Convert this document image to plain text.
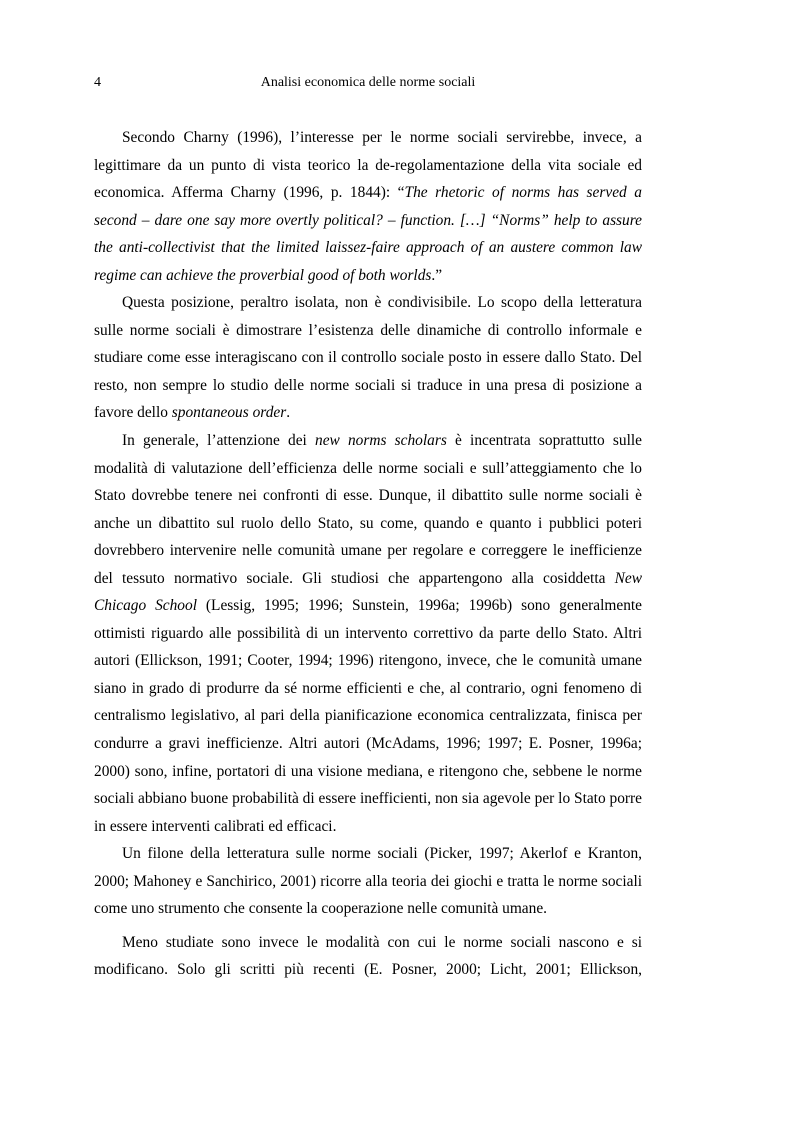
4	Analisi economica delle norme sociali

Secondo Charny (1996), l’interesse per le norme sociali servirebbe, invece, a legittimare da un punto di vista teorico la de-regolamentazione della vita sociale ed economica. Afferma Charny (1996, p. 1844): “The rhetoric of norms has served a second – dare one say more overtly political? – function. […] “Norms” help to assure the anti-collectivist that the limited laissez-faire approach of an austere common law regime can achieve the proverbial good of both worlds.”

Questa posizione, peraltro isolata, non è condivisibile. Lo scopo della letteratura sulle norme sociali è dimostrare l’esistenza delle dinamiche di controllo informale e studiare come esse interagiscano con il controllo sociale posto in essere dallo Stato. Del resto, non sempre lo studio delle norme sociali si traduce in una presa di posizione a favore dello spontaneous order.

In generale, l’attenzione dei new norms scholars è incentrata soprattutto sulle modalità di valutazione dell’efficienza delle norme sociali e sull’atteggiamento che lo Stato dovrebbe tenere nei confronti di esse. Dunque, il dibattito sulle norme sociali è anche un dibattito sul ruolo dello Stato, su come, quando e quanto i pubblici poteri dovrebbero intervenire nelle comunità umane per regolare e correggere le inefficienze del tessuto normativo sociale. Gli studiosi che appartengono alla cosiddetta New Chicago School (Lessig, 1995; 1996; Sunstein, 1996a; 1996b) sono generalmente ottimisti riguardo alle possibilità di un intervento correttivo da parte dello Stato. Altri autori (Ellickson, 1991; Cooter, 1994; 1996) ritengono, invece, che le comunità umane siano in grado di produrre da sé norme efficienti e che, al contrario, ogni fenomeno di centralismo legislativo, al pari della pianificazione economica centralizzata, finisca per condurre a gravi inefficienze. Altri autori (McAdams, 1996; 1997; E. Posner, 1996a; 2000) sono, infine, portatori di una visione mediana, e ritengono che, sebbene le norme sociali abbiano buone probabilità di essere inefficienti, non sia agevole per lo Stato porre in essere interventi calibrati ed efficaci.

Un filone della letteratura sulle norme sociali (Picker, 1997; Akerlof e Kranton, 2000; Mahoney e Sanchirico, 2001) ricorre alla teoria dei giochi e tratta le norme sociali come uno strumento che consente la cooperazione nelle comunità umane.

Meno studiate sono invece le modalità con cui le norme sociali nascono e si modificano. Solo gli scritti più recenti (E. Posner, 2000; Licht, 2001; Ellickson,
